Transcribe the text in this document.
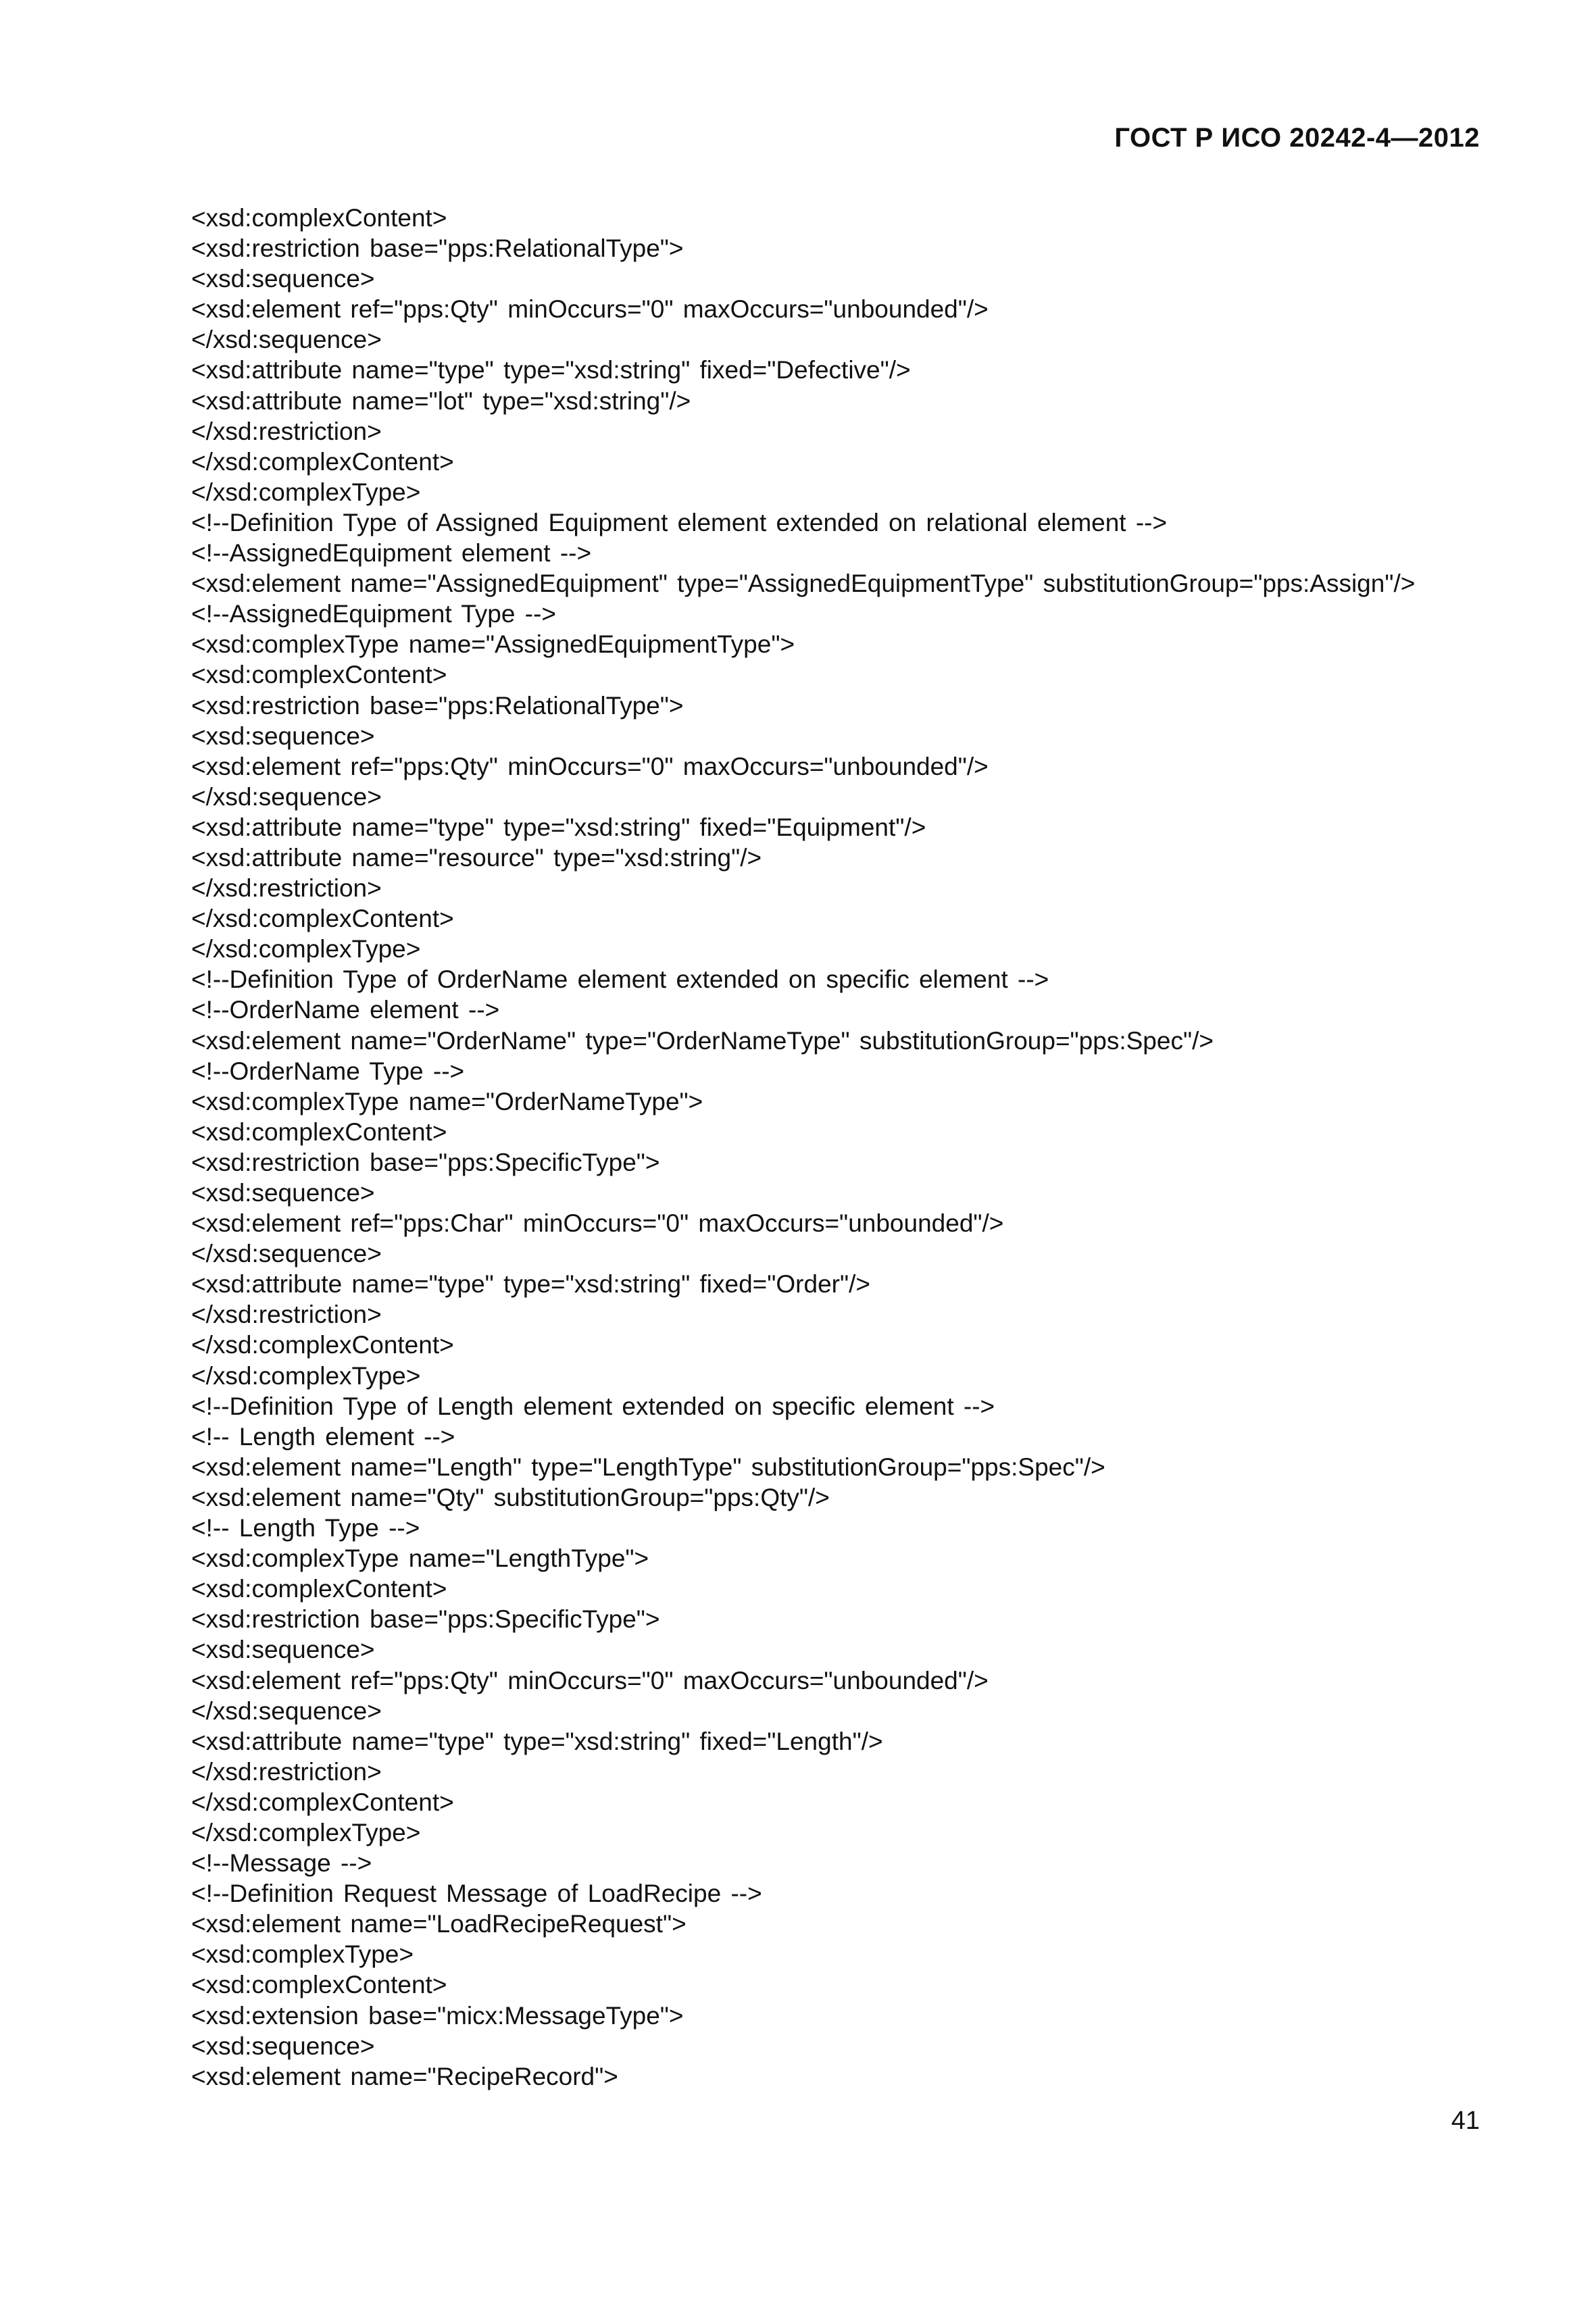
ГОСТ Р ИСО 20242-4—2012
<xsd:complexContent>
<xsd:restriction base="pps:RelationalType">
<xsd:sequence>
<xsd:element ref="pps:Qty" minOccurs="0" maxOccurs="unbounded"/>
</xsd:sequence>
<xsd:attribute name="type" type="xsd:string" fixed="Defective"/>
<xsd:attribute name="lot" type="xsd:string"/>
</xsd:restriction>
</xsd:complexContent>
</xsd:complexType>
<!--Definition Type of Assigned Equipment element extended on relational element -->
<!--AssignedEquipment element -->
<xsd:element name="AssignedEquipment" type="AssignedEquipmentType" substitutionGroup="pps:Assign"/>
<!--AssignedEquipment Type -->
<xsd:complexType name="AssignedEquipmentType">
<xsd:complexContent>
<xsd:restriction base="pps:RelationalType">
<xsd:sequence>
<xsd:element ref="pps:Qty" minOccurs="0" maxOccurs="unbounded"/>
</xsd:sequence>
<xsd:attribute name="type" type="xsd:string" fixed="Equipment"/>
<xsd:attribute name="resource" type="xsd:string"/>
</xsd:restriction>
</xsd:complexContent>
</xsd:complexType>
<!--Definition Type of OrderName element extended on specific element -->
<!--OrderName element -->
<xsd:element name="OrderName" type="OrderNameType" substitutionGroup="pps:Spec"/>
<!--OrderName Type -->
<xsd:complexType name="OrderNameType">
<xsd:complexContent>
<xsd:restriction base="pps:SpecificType">
<xsd:sequence>
<xsd:element ref="pps:Char" minOccurs="0" maxOccurs="unbounded"/>
</xsd:sequence>
<xsd:attribute name="type" type="xsd:string" fixed="Order"/>
</xsd:restriction>
</xsd:complexContent>
</xsd:complexType>
<!--Definition Type of Length element extended on specific element -->
<!-- Length element -->
<xsd:element name="Length" type="LengthType" substitutionGroup="pps:Spec"/>
<xsd:element name="Qty" substitutionGroup="pps:Qty"/>
<!-- Length Type -->
<xsd:complexType name="LengthType">
<xsd:complexContent>
<xsd:restriction base="pps:SpecificType">
<xsd:sequence>
<xsd:element ref="pps:Qty" minOccurs="0" maxOccurs="unbounded"/>
</xsd:sequence>
<xsd:attribute name="type" type="xsd:string" fixed="Length"/>
</xsd:restriction>
</xsd:complexContent>
</xsd:complexType>
<!--Message -->
<!--Definition Request Message of LoadRecipe -->
<xsd:element name="LoadRecipeRequest">
<xsd:complexType>
<xsd:complexContent>
<xsd:extension base="micx:MessageType">
<xsd:sequence>
<xsd:element name="RecipeRecord">
41
